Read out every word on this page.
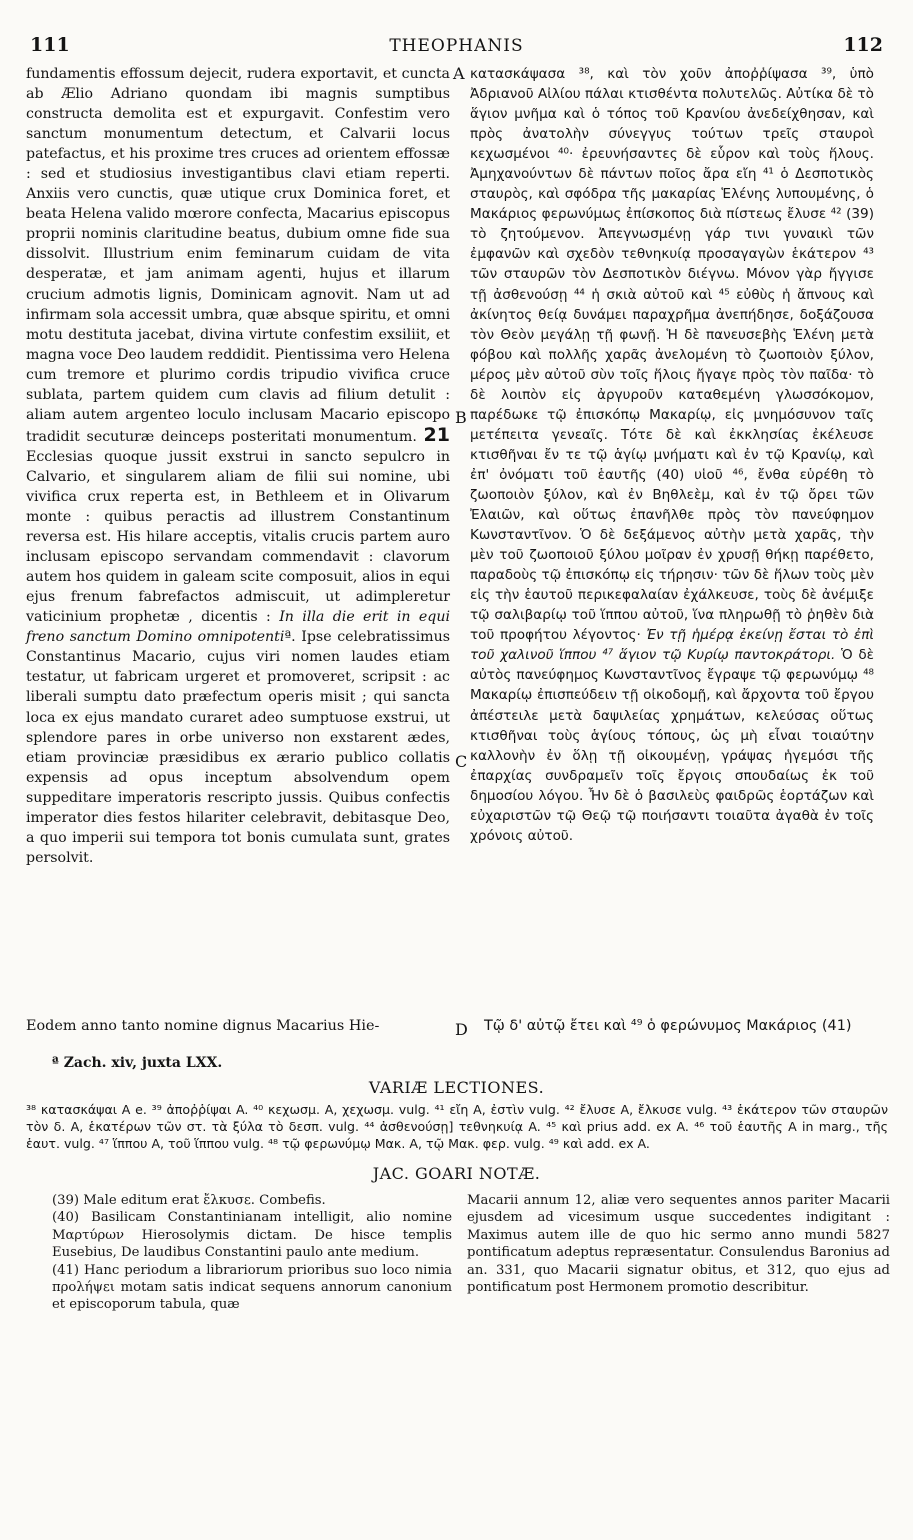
111	THEOPHANIS	112

fundamentis effossum dejecit, rudera exportavit, et cuncta ab Ælio Adriano quondam ibi magnis sumptibus constructa demolita est et expurgavit. Confestim vero sanctum monumentum detectum, et Calvarii locus patefactus, et his proxime tres cruces ad orientem effossæ : sed et studiosius investigantibus clavi etiam reperti. Anxiis vero cunctis, quæ utique crux Dominica foret, et beata Helena valido mœrore confecta, Macarius episcopus proprii nominis claritudine beatus, dubium omne fide sua dissolvit. Illustrium enim feminarum cuidam de vita desperatæ, et jam animam agenti, hujus et illarum crucium admotis lignis, Dominicam agnovit. Nam ut ad infirmam sola accessit umbra, quæ absque spiritu, et omni motu destituta jacebat, divina virtute confestim exsiliit, et magna voce Deo laudem reddidit. Pientissima vero Helena cum tremore et plurimo cordis tripudio vivifica cruce sublata, partem quidem cum clavis ad filium detulit : aliam autem argenteo loculo inclusam Macario episcopo tradidit secuturæ deinceps posteritati monumentum. 21 Ecclesias quoque jussit exstrui in sancto sepulcro in Calvario, et singularem aliam de filii sui nomine, ubi vivifica crux reperta est, in Bethleem et in Olivarum monte : quibus peractis ad illustrem Constantinum reversa est. His hilare acceptis, vitalis crucis partem auro inclusam episcopo servandam commendavit : clavorum autem hos quidem in galeam scite composuit, alios in equi ejus frenum fabrefactos admiscuit, ut adimpleretur vaticinium prophetæ , dicentis : In illa die erit in equi freno sanctum Domino omnipotentiª. Ipse celebratissimus Constantinus Macario, cujus viri nomen laudes etiam testatur, ut fabricam urgeret et promoveret, scripsit : ac liberali sumptu dato præfectum operis misit ; qui sancta loca ex ejus mandato curaret adeo sumptuose exstrui, ut splendore pares in orbe universo non exstarent ædes, etiam provinciæ præsidibus ex ærario publico collatis expensis ad opus inceptum absolvendum opem suppeditare imperatoris rescripto jussis. Quibus confectis imperator dies festos hilariter celebravit, debitasque Deo, a quo imperii sui tempora tot bonis cumulata sunt, grates persolvit.

κατασκάψασα ³⁸, καὶ τὸν χοῦν ἀποῤῥίψασα ³⁹, ὑπὸ Ἀδριανοῦ Αἰλίου πάλαι κτισθέντα πολυτελῶς. Αὐτίκα δὲ τὸ ἅγιον μνῆμα καὶ ὁ τόπος τοῦ Κρανίου ἀνεδείχθησαν, καὶ πρὸς ἀνατολὴν σύνεγγυς τούτων τρεῖς σταυροὶ κεχωσμένοι ⁴⁰· ἐρευνήσαντες δὲ εὗρον καὶ τοὺς ἥλους. Ἀμηχανούντων δὲ πάντων ποῖος ἄρα εἴη ⁴¹ ὁ Δεσποτικὸς σταυρὸς, καὶ σφόδρα τῆς μακαρίας Ἑλένης λυπουμένης, ὁ Μακάριος φερωνύμως ἐπίσκοπος διὰ πίστεως ἔλυσε ⁴² (39) τὸ ζητούμενον. Ἀπεγνωσμένῃ γάρ τινι γυναικὶ τῶν ἐμφανῶν καὶ σχεδὸν τεθνηκυίᾳ προσαγαγὼν ἑκάτερον ⁴³ τῶν σταυρῶν τὸν Δεσποτικὸν διέγνω. Μόνον γὰρ ἤγγισε τῇ ἀσθενούσῃ ⁴⁴ ἡ σκιὰ αὐτοῦ καὶ ⁴⁵ εὐθὺς ἡ ἄπνους καὶ ἀκίνητος θείᾳ δυνάμει παραχρῆμα ἀνεπήδησε, δοξάζουσα τὸν Θεὸν μεγάλῃ τῇ φωνῇ. Ἡ δὲ πανευσεβὴς Ἑλένη μετὰ φόβου καὶ πολλῆς χαρᾶς ἀνελομένη τὸ ζωοποιὸν ξύλον, μέρος μὲν αὐτοῦ σὺν τοῖς ἥλοις ἤγαγε πρὸς τὸν παῖδα· τὸ δὲ λοιπὸν εἰς ἀργυροῦν καταθεμένη γλωσσόκομον, παρέδωκε τῷ ἐπισκόπῳ Μακαρίῳ, εἰς μνημόσυνον ταῖς μετέπειτα γενεαῖς. Τότε δὲ καὶ ἐκκλησίας ἐκέλευσε κτισθῆναι ἔν τε τῷ ἁγίῳ μνήματι καὶ ἐν τῷ Κρανίῳ, καὶ ἐπ' ὀνόματι τοῦ ἑαυτῆς (40) υἱοῦ ⁴⁶, ἔνθα εὑρέθη τὸ ζωοποιὸν ξύλον, καὶ ἐν Βηθλεὲμ, καὶ ἐν τῷ ὄρει τῶν Ἐλαιῶν, καὶ οὕτως ἐπανῆλθε πρὸς τὸν πανεύφημον Κωνσταντῖνον. Ὁ δὲ δεξάμενος αὐτὴν μετὰ χαρᾶς, τὴν μὲν τοῦ ζωοποιοῦ ξύλου μοῖραν ἐν χρυσῇ θήκῃ παρέθετο, παραδοὺς τῷ ἐπισκόπῳ εἰς τήρησιν· τῶν δὲ ἥλων τοὺς μὲν εἰς τὴν ἑαυτοῦ περικεφαλαίαν ἐχάλκευσε, τοὺς δὲ ἀνέμιξε τῷ σαλιβαρίῳ τοῦ ἵππου αὐτοῦ, ἵνα πληρωθῇ τὸ ῥηθὲν διὰ τοῦ προφήτου λέγοντος· Ἐν τῇ ἡμέρᾳ ἐκείνῃ ἔσται τὸ ἐπὶ τοῦ χαλινοῦ ἵππου ⁴⁷ ἅγιον τῷ Κυρίῳ παντοκράτορι. Ὁ δὲ αὐτὸς πανεύφημος Κωνσταντῖνος ἔγραψε τῷ φερωνύμῳ ⁴⁸ Μακαρίῳ ἐπισπεύδειν τῇ οἰκοδομῇ, καὶ ἄρχοντα τοῦ ἔργου ἀπέστειλε μετὰ δαψιλείας χρημάτων, κελεύσας οὕτως κτισθῆναι τοὺς ἁγίους τόπους, ὡς μὴ εἶναι τοιαύτην καλλονὴν ἐν ὅλῃ τῇ οἰκουμένῃ, γράψας ἡγεμόσι τῆς ἐπαρχίας συνδραμεῖν τοῖς ἔργοις σπουδαίως ἐκ τοῦ δημοσίου λόγου. Ἦν δὲ ὁ βασιλεὺς φαιδρῶς ἑορτάζων καὶ εὐχαριστῶν τῷ Θεῷ τῷ ποιήσαντι τοιαῦτα ἀγαθὰ ἐν τοῖς χρόνοις αὐτοῦ.

A
B
C
D
Eodem anno tanto nomine dignus Macarius Hie-	Τῷ δ' αὐτῷ ἔτει καὶ ⁴⁹ ὁ φερώνυμος Μακάριος (41)
ª Zach. xiv, juxta LXX.
VARIÆ LECTIONES.
³⁸ κατασκάψαι A e. ³⁹ ἀποῤῥίψαι A. ⁴⁰ κεχωσμ. A, χεχωσμ. vulg. ⁴¹ εἴη A, ἐστὶν vulg. ⁴² ἔλυσε A, ἔλκυσε vulg. ⁴³ ἑκάτερον τῶν σταυρῶν τὸν δ. A, ἑκατέρων τῶν στ. τὰ ξύλα τὸ δεσπ. vulg. ⁴⁴ ἀσθενούσῃ] τεθνηκυίᾳ A. ⁴⁵ καὶ prius add. ex A. ⁴⁶ τοῦ ἑαυτῆς A in marg., τῆς ἑαυτ. vulg. ⁴⁷ ἵππου A, τοῦ ἵππου vulg. ⁴⁸ τῷ φερωνύμῳ Μακ. A, τῷ Μακ. φερ. vulg. ⁴⁹ καὶ add. ex A.
JAC. GOARI NOTÆ.

(39) Male editum erat ἔλκυσε. Combefis.

(40) Basilicam Constantinianam intelligit, alio nomine Μαρτύρων Hierosolymis dictam. De hisce templis Eusebius, De laudibus Constantini paulo ante medium.

(41) Hanc periodum a librariorum prioribus suo loco nimia προλήψει motam satis indicat sequens annorum canonium et episcoporum tabula, quæ

Macarii annum 12, aliæ vero sequentes annos pariter Macarii ejusdem ad vicesimum usque succedentes indigitant : Maximus autem ille de quo hic sermo anno mundi 5827 pontificatum adeptus repræsentatur. Consulendus Baronius ad an. 331, quo Macarii signatur obitus, et 312, quo ejus ad pontificatum post Hermonem promotio describitur.
